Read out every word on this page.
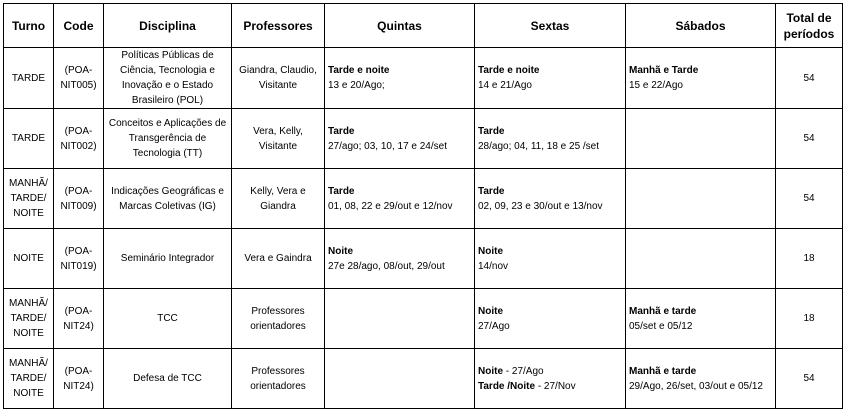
Turno	Code	Disciplina	Professores	Quintas	Sextas	Sábados	Total de
períodos

TARDE	(POA-
NIT005)	Políticas Públicas de
Ciência, Tecnologia e
Inovação e o Estado
Brasileiro (POL)	Giandra, Claudio,
Visitante	Tarde e noite
13 e 20/Ago;	Tarde e noite
14 e 21/Ago	Manhã e Tarde
15 e 22/Ago	54

TARDE	(POA-
NIT002)	Conceitos e Aplicações de
Transgerência de
Tecnologia (TT)	Vera, Kelly,
Visitante	Tarde
27/ago; 03, 10, 17 e 24/set	Tarde
28/ago; 04, 11, 18 e 25 /set		54

MANHÃ/
TARDE/
NOITE	(POA-
NIT009)	Indicações Geográficas e
Marcas Coletivas (IG)	Kelly, Vera e
Giandra	Tarde
01, 08, 22 e 29/out e 12/nov	Tarde
02, 09, 23 e 30/out e 13/nov		54

NOITE	(POA-
NIT019)	Seminário Integrador	Vera e Gaindra	Noite
27e 28/ago, 08/out, 29/out	Noite
14/nov		18

MANHÃ/
TARDE/
NOITE	(POA-
NIT24)	TCC	Professores
orientadores		Noite
27/Ago	Manhã e tarde
05/set e 05/12	18

MANHÃ/
TARDE/
NOITE	(POA-
NIT24)	Defesa de TCC	Professores
orientadores		Noite - 27/Ago
Tarde /Noite - 27/Nov	Manhã e tarde
29/Ago, 26/set, 03/out e 05/12	54
